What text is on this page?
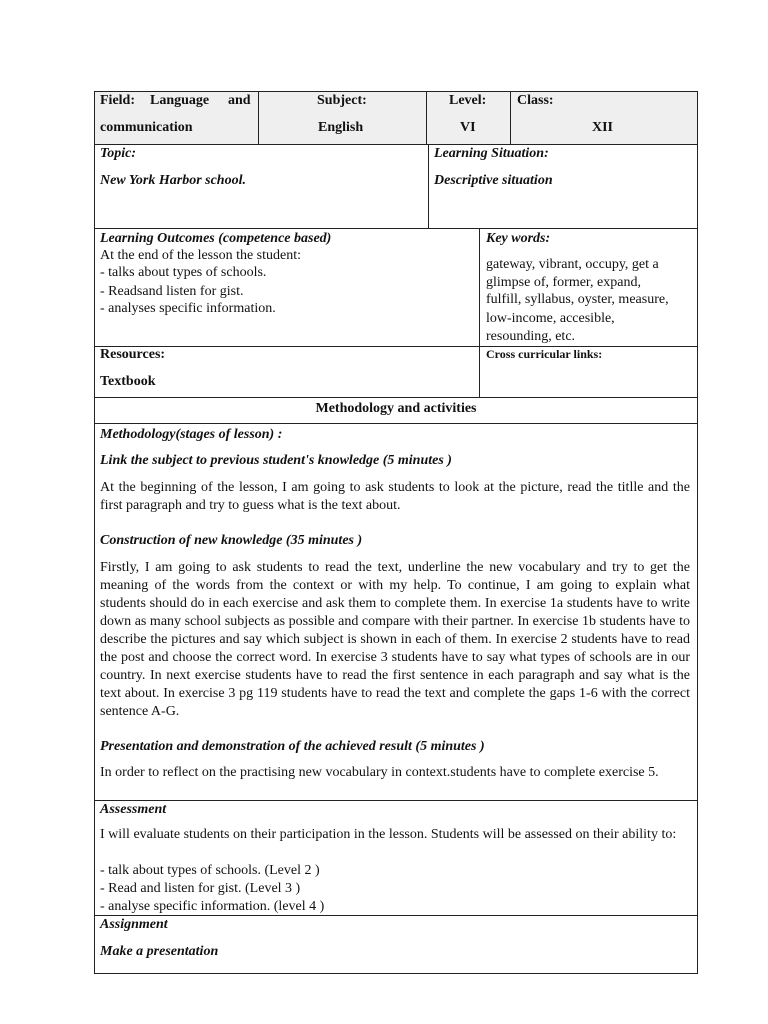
Field: Language and
communication
Subject:
English
Level:
VI
Class:
XII
Topic:
New York Harbor school.
Learning Situation:
Descriptive situation
Learning Outcomes (competence based)
At the end of the lesson the student:
- talks about types of schools.
- Readsand listen for gist.
- analyses specific information.
Key words:
gateway, vibrant, occupy, get a
glimpse of, former, expand,
fulfill, syllabus, oyster, measure,
low-income, accesible,
resounding, etc.
Resources:
Textbook
Cross curricular links:
Methodology and activities
Methodology(stages of lesson) :
Link the subject to previous student's knowledge (5 minutes )
At the beginning of the lesson, I am going to ask students to look at the picture, read the titlle and the first paragraph and try to guess what is the text about.
Construction of new knowledge (35 minutes )
Firstly, I am going to ask students to read the text, underline the new vocabulary and try to get the meaning of the words from the context or with my help. To continue, I am going to explain what students should do in each exercise and ask them to complete them. In exercise 1a students have to write down as many school subjects as possible and compare with their partner. In exercise 1b students have to describe the pictures and say which subject is shown in each of them. In exercise 2 students have to read the post and choose the correct word. In exercise 3 students have to say what types of schools are in our country. In next exercise students have to read the first sentence in each paragraph and say what is the text about. In exercise 3 pg 119 students have to read the text and complete the gaps 1-6 with the correct sentence A-G.
Presentation and demonstration of the achieved result (5 minutes )
In order to reflect on the practising new vocabulary in context.students have to complete exercise 5.
Assessment
I will evaluate students on their participation in the lesson. Students will be assessed on their ability to:
- talk about types of schools. (Level 2 )
- Read and listen for gist. (Level 3 )
- analyse specific information. (level 4 )
Assignment
Make a presentation
